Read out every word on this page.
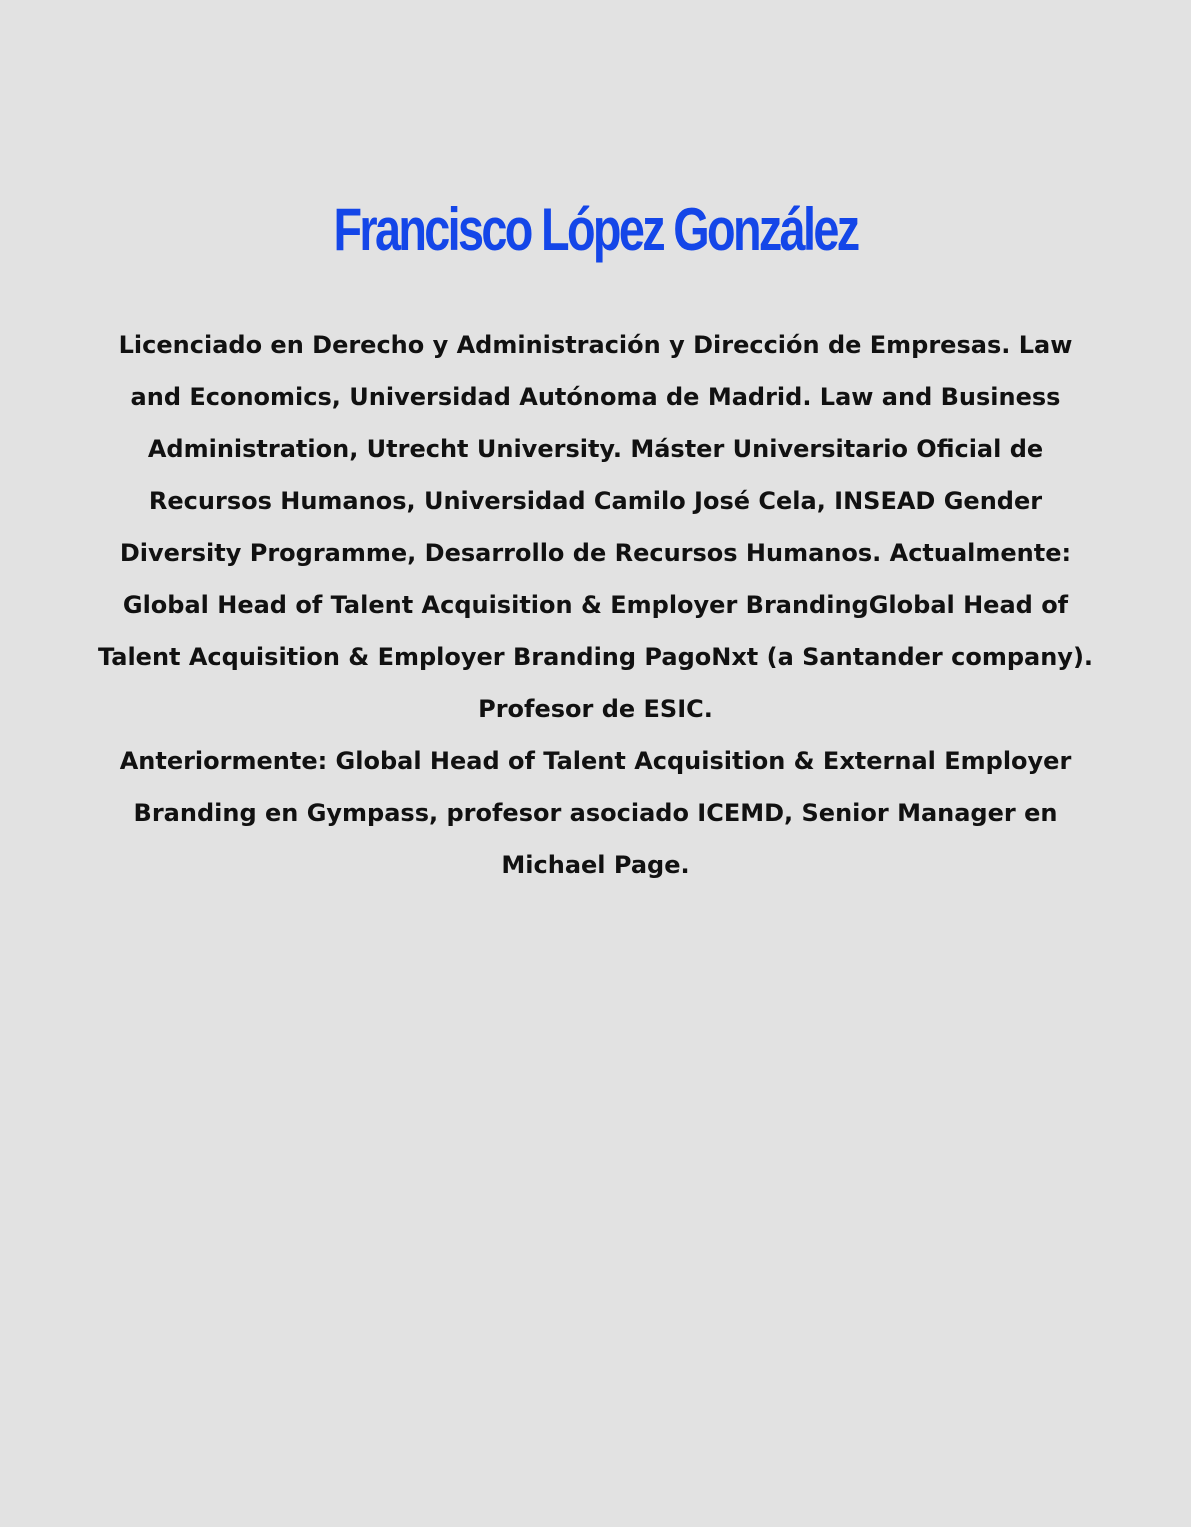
Francisco López González

Licenciado en Derecho y Administración y Dirección de Empresas. Law and Economics, Universidad Autónoma de Madrid. Law and Business Administration, Utrecht University. Máster Universitario Oficial de Recursos Humanos, Universidad Camilo José Cela, INSEAD Gender Diversity Programme, Desarrollo de Recursos Humanos. Actualmente: Global Head of Talent Acquisition & Employer BrandingGlobal Head of Talent Acquisition & Employer Branding PagoNxt (a Santander company). Profesor de ESIC.

Anteriormente: Global Head of Talent Acquisition & External Employer Branding en Gympass, profesor asociado ICEMD, Senior Manager en Michael Page.
